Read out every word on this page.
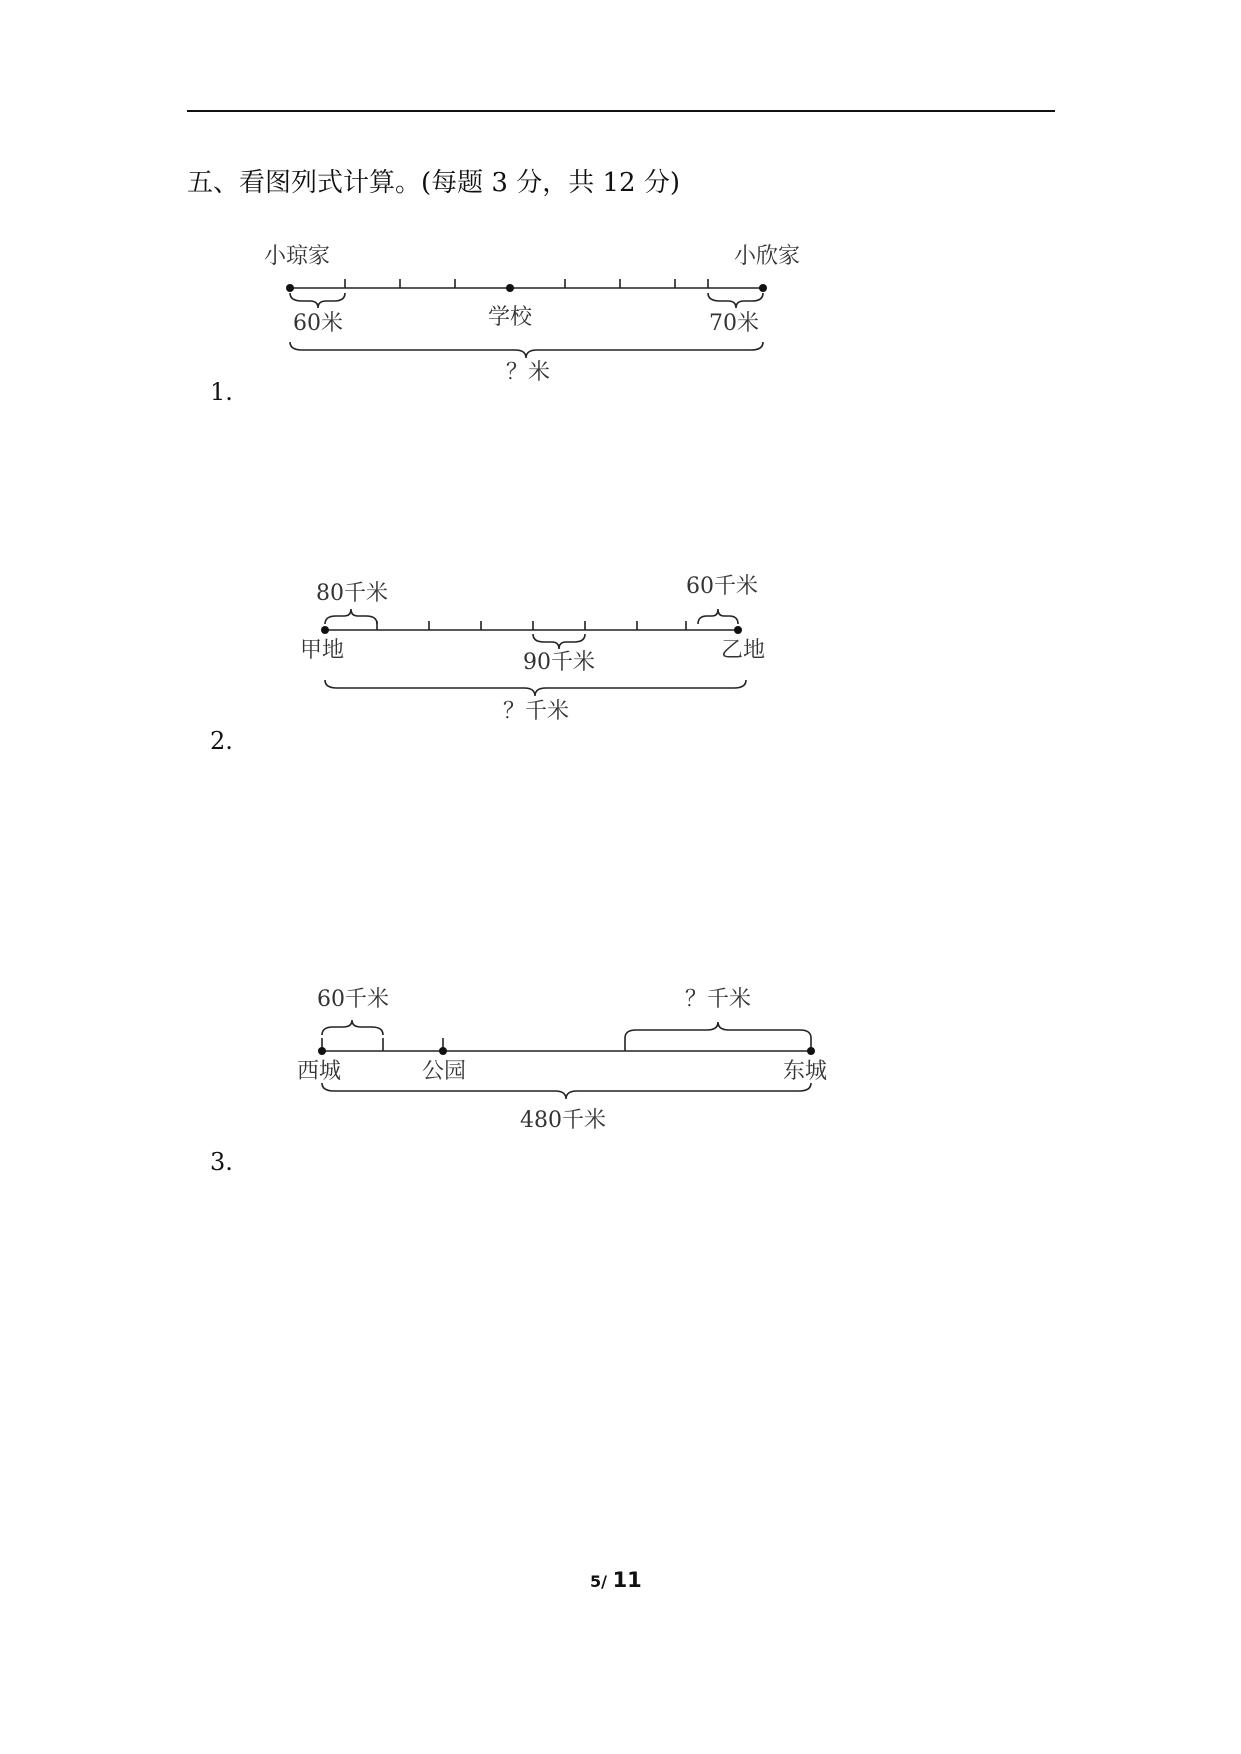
五、看图列式计算。(每题 3 分，共 12 分)
小琼家	小欣家
学校
60米	70米
？米
1.
80千米	60千米
甲地	乙地
90千米
？千米
2.
60千米	？千米
西城	公园	东城
480千米
3.
5/ 11
